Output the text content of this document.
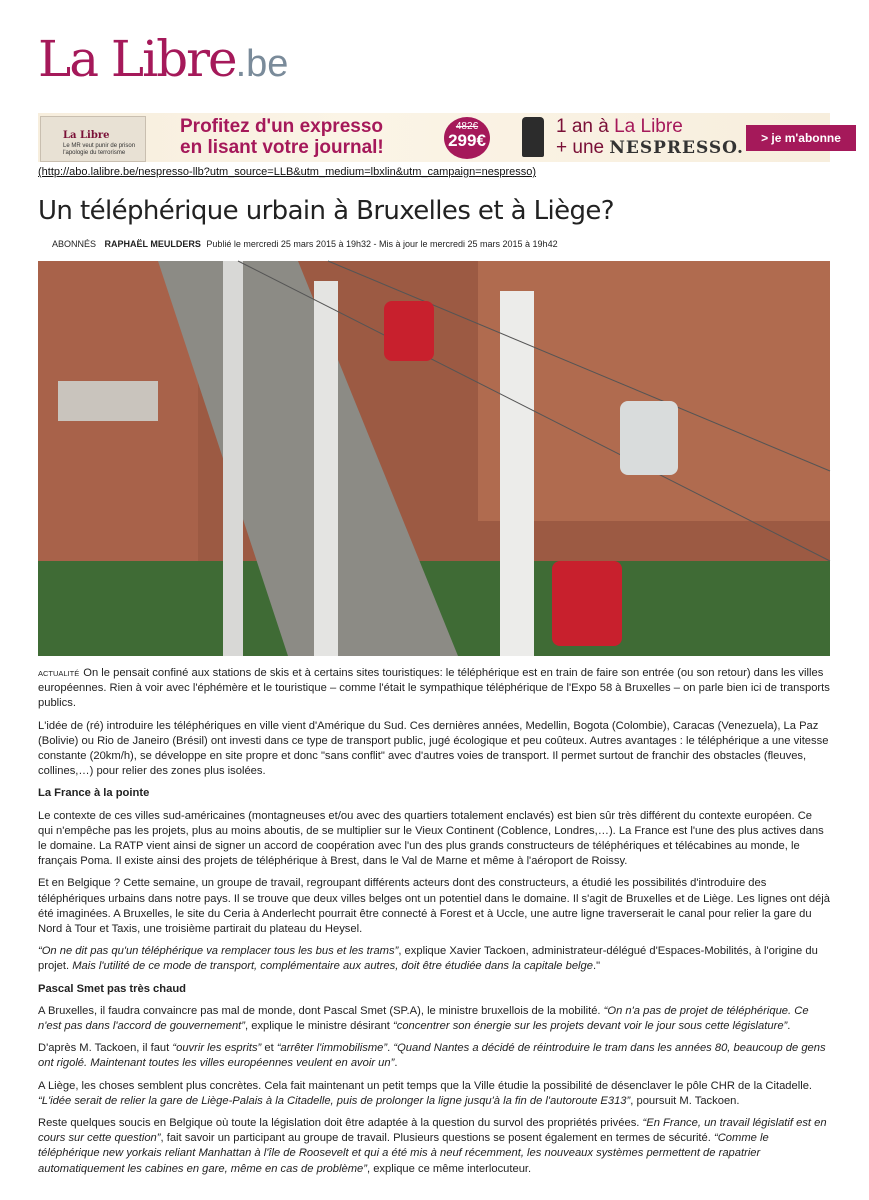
La Libre.be
La Libre
Le MR veut punir de prison l'apologie du terrorisme
Profitez d'un expresso
en lisant votre journal!
482€
299€
1 an à La Libre
+ une NESPRESSO.	> je m'abonne
(http://abo.lalibre.be/nespresso-llb?utm_source=LLB&utm_medium=lbxlin&utm_campaign=nespresso)
Un téléphérique urbain à Bruxelles et à Liège?
ABONNÉS RAPHAËL MEULDERS Publié le mercredi 25 mars 2015 à 19h32 - Mis à jour le mercredi 25 mars 2015 à 19h42

ACTUALITÉ On le pensait confiné aux stations de skis et à certains sites touristiques: le téléphérique est en train de faire son entrée (ou son retour) dans les villes européennes. Rien à voir avec l'éphémère et le touristique – comme l'était le sympathique téléphérique de l'Expo 58 à Bruxelles – on parle bien ici de transports publics.

L'idée de (ré) introduire les téléphériques en ville vient d'Amérique du Sud. Ces dernières années, Medellin, Bogota (Colombie), Caracas (Venezuela), La Paz (Bolivie) ou Rio de Janeiro (Brésil) ont investi dans ce type de transport public, jugé écologique et peu coûteux. Autres avantages : le téléphérique a une vitesse constante (20km/h), se développe en site propre et donc "sans conflit" avec d'autres voies de transport. Il permet surtout de franchir des obstacles (fleuves, collines,…) pour relier des zones plus isolées.

La France à la pointe

Le contexte de ces villes sud-américaines (montagneuses et/ou avec des quartiers totalement enclavés) est bien sûr très différent du contexte européen. Ce qui n'empêche pas les projets, plus au moins aboutis, de se multiplier sur le Vieux Continent (Coblence, Londres,…). La France est l'une des plus actives dans le domaine. La RATP vient ainsi de signer un accord de coopération avec l'un des plus grands constructeurs de téléphériques et télécabines au monde, le français Poma. Il existe ainsi des projets de téléphérique à Brest, dans le Val de Marne et même à l'aéroport de Roissy.

Et en Belgique ? Cette semaine, un groupe de travail, regroupant différents acteurs dont des constructeurs, a étudié les possibilités d'introduire des téléphériques urbains dans notre pays. Il se trouve que deux villes belges ont un potentiel dans le domaine. Il s'agit de Bruxelles et de Liège. Les lignes ont déjà été imaginées. A Bruxelles, le site du Ceria à Anderlecht pourrait être connecté à Forest et à Uccle, une autre ligne traverserait le canal pour relier la gare du Nord à Tour et Taxis, une troisième partirait du plateau du Heysel.

“On ne dit pas qu'un téléphérique va remplacer tous les bus et les trams”, explique Xavier Tackoen, administrateur-délégué d'Espaces-Mobilités, à l'origine du projet. Mais l'utilité de ce mode de transport, complémentaire aux autres, doit être étudiée dans la capitale belge."

Pascal Smet pas très chaud

A Bruxelles, il faudra convaincre pas mal de monde, dont Pascal Smet (SP.A), le ministre bruxellois de la mobilité. “On n'a pas de projet de téléphérique. Ce n'est pas dans l'accord de gouvernement”, explique le ministre désirant “concentrer son énergie sur les projets devant voir le jour sous cette législature”.

D'après M. Tackoen, il faut “ouvrir les esprits” et “arrêter l'immobilisme”. “Quand Nantes a décidé de réintroduire le tram dans les années 80, beaucoup de gens ont rigolé. Maintenant toutes les villes européennes veulent en avoir un”.

A Liège, les choses semblent plus concrètes. Cela fait maintenant un petit temps que la Ville étudie la possibilité de désenclaver le pôle CHR de la Citadelle. “L'idée serait de relier la gare de Liège-Palais à la Citadelle, puis de prolonger la ligne jusqu'à la fin de l'autoroute E313”, poursuit M. Tackoen.

Reste quelques soucis en Belgique où toute la législation doit être adaptée à la question du survol des propriétés privées. “En France, un travail législatif est en cours sur cette question”, fait savoir un participant au groupe de travail. Plusieurs questions se posent également en termes de sécurité. “Comme le téléphérique new yorkais reliant Manhattan à l'île de Roosevelt et qui a été mis à neuf récemment, les nouveaux systèmes permettent de rapatrier automatiquement les cabines en gare, même en cas de problème”, explique ce même interlocuteur.
